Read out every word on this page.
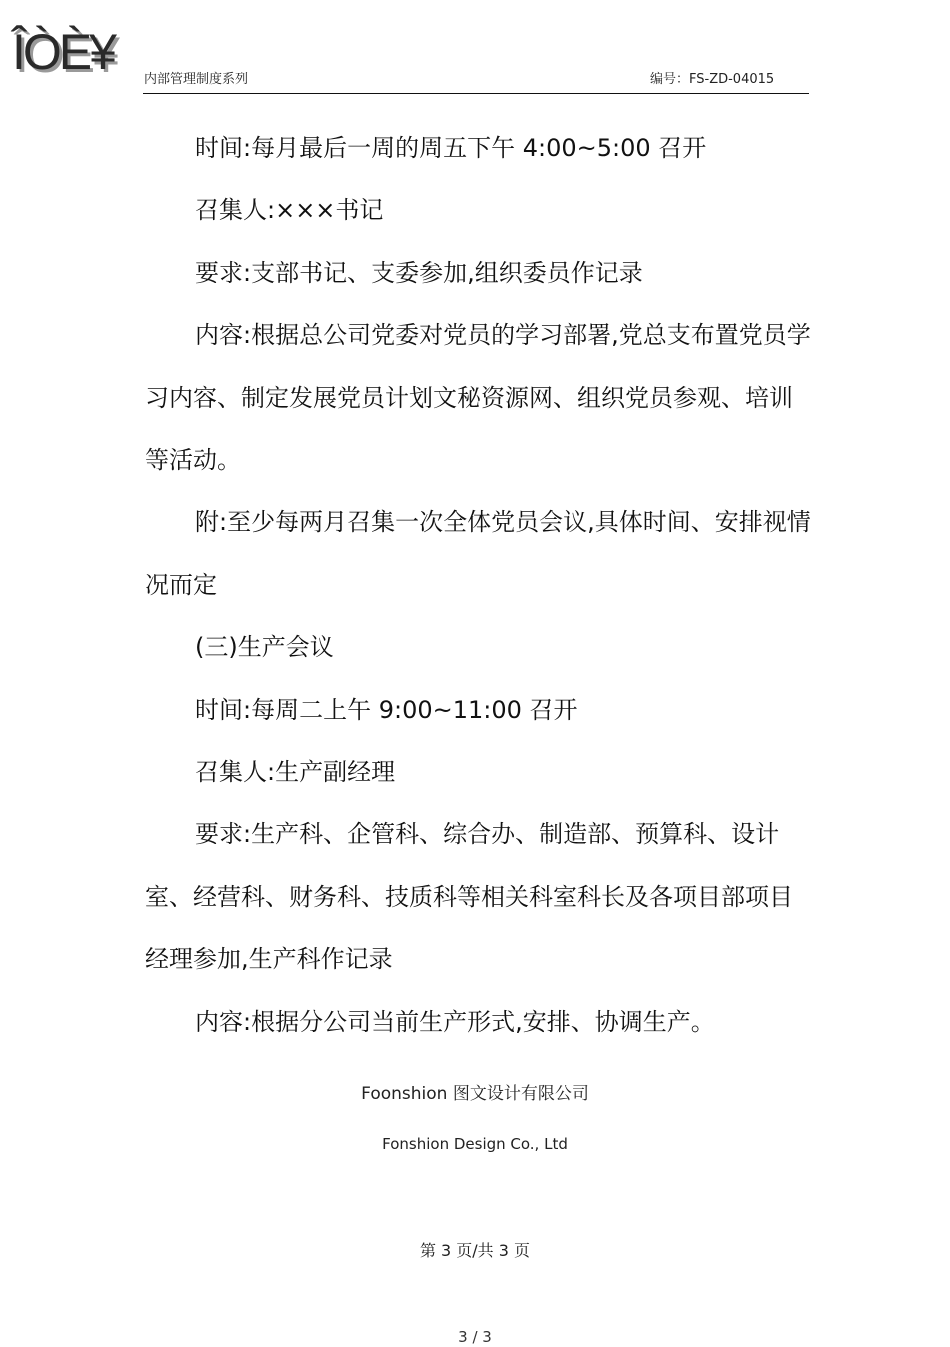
ÎÒÈ¥ 内部管理制度系列	编号：FS-ZD-04015

时间:每月最后一周的周五下午 4:00~5:00 召开

召集人:×××书记

要求:支部书记、支委参加,组织委员作记录

内容:根据总公司党委对党员的学习部署,党总支布置党员学习内容、制定发展党员计划文秘资源网、组织党员参观、培训等活动。

附:至少每两月召集一次全体党员会议,具体时间、安排视情况而定

(三)生产会议

时间:每周二上午 9:00~11:00 召开

召集人:生产副经理

要求:生产科、企管科、综合办、制造部、预算科、设计室、经营科、财务科、技质科等相关科室科长及各项目部项目经理参加,生产科作记录

内容:根据分公司当前生产形式,安排、协调生产。

Foonshion 图文设计有限公司
Fonshion Design Co., Ltd
第 3 页/共 3 页
3 / 3
